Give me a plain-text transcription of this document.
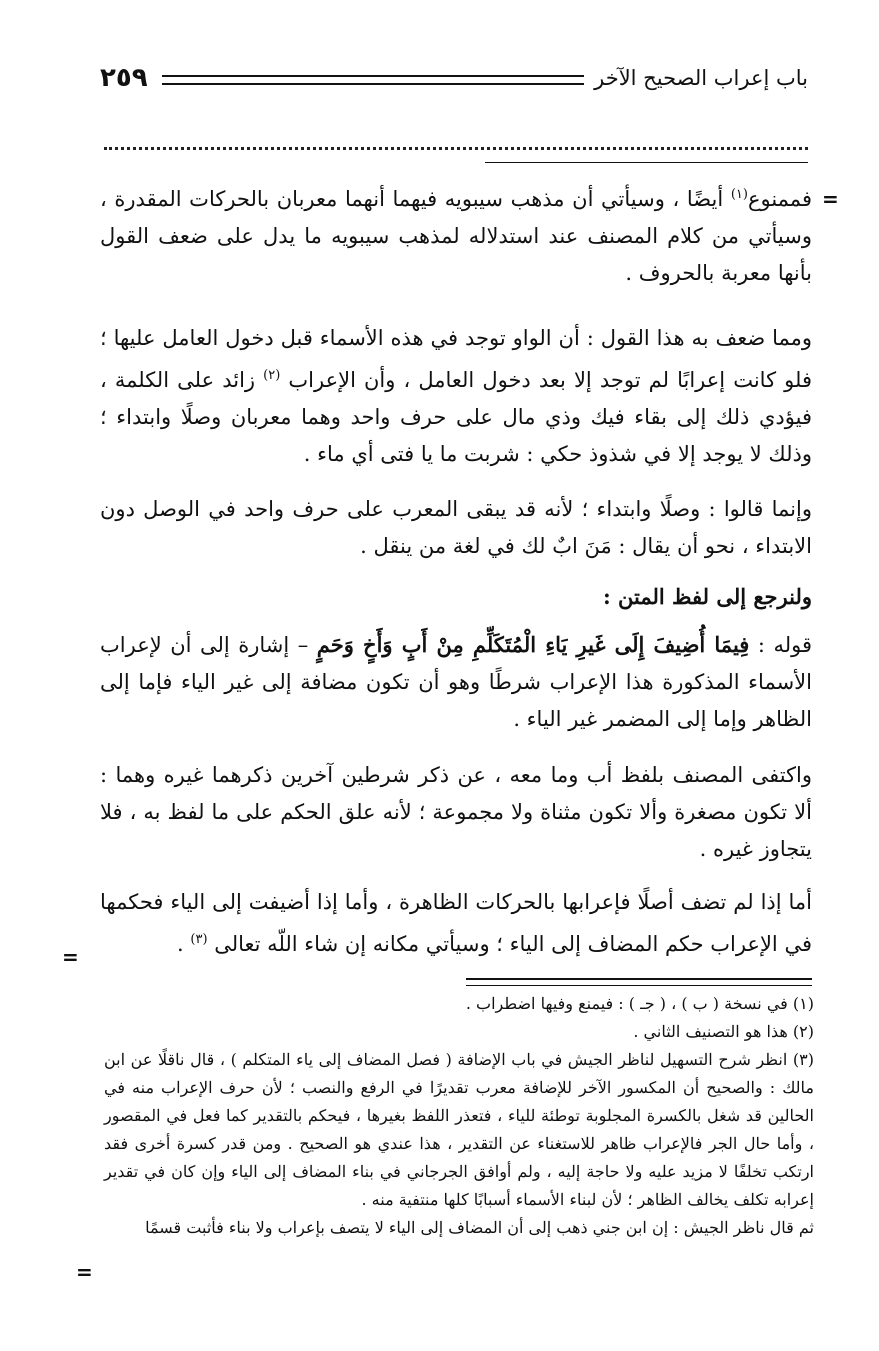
باب إعراب الصحيح الآخر
٢٥٩
=

فممنوع$^{(١)}$ أيضًا ، وسيأتي أن مذهب سيبويه فيهما أنهما معربان بالحركات المقدرة ، وسيأتي من كلام المصنف عند استدلاله لمذهب سيبويه ما يدل على ضعف القول بأنها معربة بالحروف .

ومما ضعف به هذا القول : أن الواو توجد في هذه الأسماء قبل دخول العامل عليها ؛ فلو كانت إعرابًا لم توجد إلا بعد دخول العامل ، وأن الإعراب $^{(٢)}$ زائد على الكلمة ، فيؤدي ذلك إلى بقاء فيك وذي مال على حرف واحد وهما معربان وصلًا وابتداء ؛ وذلك لا يوجد إلا في شذوذ حكي : شربت ما يا فتى أي ماء .

وإنما قالوا : وصلًا وابتداء ؛ لأنه قد يبقى المعرب على حرف واحد في الوصل دون الابتداء ، نحو أن يقال : مَنَ ابٌ لك في لغة من ينقل .

ولنرجع إلى لفظ المتن :

قوله : فِيمَا أُضِيفَ إِلَى غَيرِ يَاءِ الْمُتَكَلِّمِ مِنْ أَبٍ وَأَخٍ وَحَمٍ – إشارة إلى أن لإعراب الأسماء المذكورة هذا الإعراب شرطًا وهو أن تكون مضافة إلى غير الياء فإما إلى الظاهر وإما إلى المضمر غير الياء .

واكتفى المصنف بلفظ أب وما معه ، عن ذكر شرطين آخرين ذكرهما غيره وهما : ألا تكون مصغرة وألا تكون مثناة ولا مجموعة ؛ لأنه علق الحكم على ما لفظ به ، فلا يتجاوز غيره .

أما إذا لم تضف أصلًا فإعرابها بالحركات الظاهرة ، وأما إذا أضيفت إلى الياء فحكمها في الإعراب حكم المضاف إلى الياء ؛ وسيأتي مكانه إن شاء اللّه تعالى $^{(٣)}$ .

=

(١) في نسخة ( ب ) ، ( جـ ) : فيمنع وفيها اضطراب .

(٢) هذا هو التصنيف الثاني .

(٣) انظر شرح التسهيل لناظر الجيش في باب الإضافة ( فصل المضاف إلى ياء المتكلم ) ، قال ناقلًا عن ابن مالك : والصحيح أن المكسور الآخر للإضافة معرب تقديرًا في الرفع والنصب ؛ لأن حرف الإعراب منه في الحالين قد شغل بالكسرة المجلوبة توطئة للياء ، فتعذر اللفظ بغيرها ، فيحكم بالتقدير كما فعل في المقصور ، وأما حال الجر فالإعراب ظاهر للاستغناء عن التقدير ، هذا عندي هو الصحيح . ومن قدر كسرة أخرى فقد ارتكب تخلفًا لا مزيد عليه ولا حاجة إليه ، ولم أوافق الجرجاني في بناء المضاف إلى الياء وإن كان في تقدير إعرابه تكلف يخالف الظاهر ؛ لأن لبناء الأسماء أسبابًا كلها منتفية منه .

ثم قال ناظر الجيش : إن ابن جني ذهب إلى أن المضاف إلى الياء لا يتصف بإعراب ولا بناء فأثبت قسمًا

=
